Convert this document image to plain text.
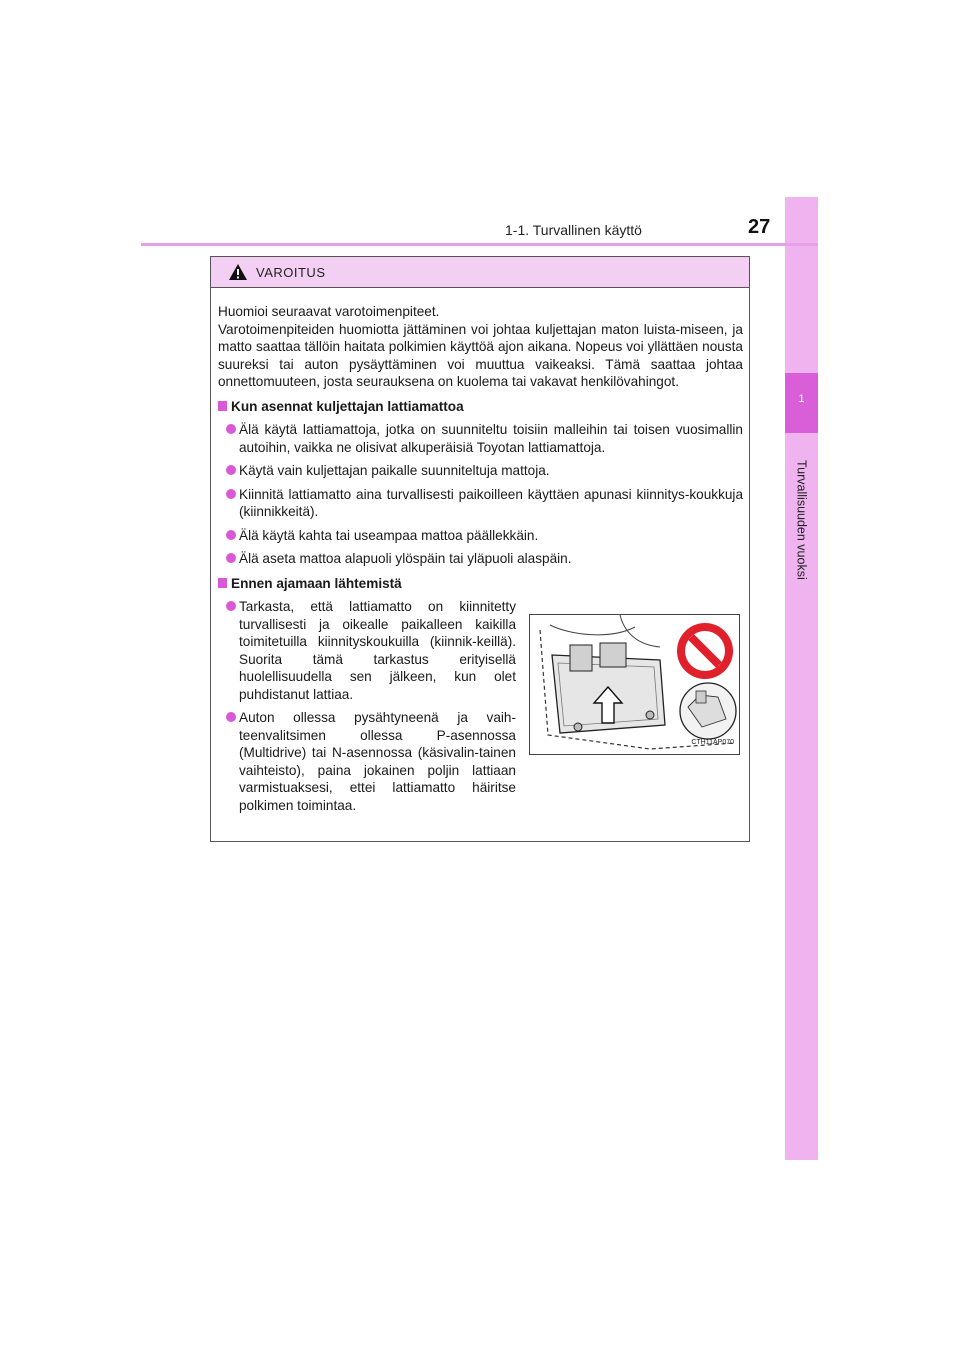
1
Turvallisuuden vuoksi
1-1. Turvallinen käyttö	27
VAROITUS

Huomioi seuraavat varotoimenpiteet.

Varotoimenpiteiden huomiotta jättäminen voi johtaa kuljettajan maton luista-miseen, ja matto saattaa tällöin haitata polkimien käyttöä ajon aikana. Nopeus voi yllättäen nousta suureksi tai auton pysäyttäminen voi muuttua vaikeaksi. Tämä saattaa johtaa onnettomuuteen, josta seurauksena on kuolema tai vakavat henkilövahingot.

Kun asennat kuljettajan lattiamattoa
Älä käytä lattiamattoja, jotka on suunniteltu toisiin malleihin tai toisen vuosimallin autoihin, vaikka ne olisivat alkuperäisiä Toyotan lattiamattoja.
Käytä vain kuljettajan paikalle suunniteltuja mattoja.
Kiinnitä lattiamatto aina turvallisesti paikoilleen käyttäen apunasi kiinnitys-koukkuja (kiinnikkeitä).
Älä käytä kahta tai useampaa mattoa päällekkäin.
Älä aseta mattoa alapuoli ylöspäin tai yläpuoli alaspäin.
Ennen ajamaan lähtemistä
Tarkasta, että lattiamatto on kiinnitetty turvallisesti ja oikealle paikalleen kaikilla toimitetuilla kiinnityskoukuilla (kiinnik-keillä). Suorita tämä tarkastus erityisellä huolellisuudella sen jälkeen, kun olet puhdistanut lattiaa.
Auton ollessa pysähtyneenä ja vaih-teenvalitsimen ollessa P-asennossa (Multidrive) tai N-asennossa (käsivalin-tainen vaihteisto), paina jokainen poljin lattiaan varmistuaksesi, ettei lattiamatto häiritse polkimen toimintaa.
CTH11AP070
